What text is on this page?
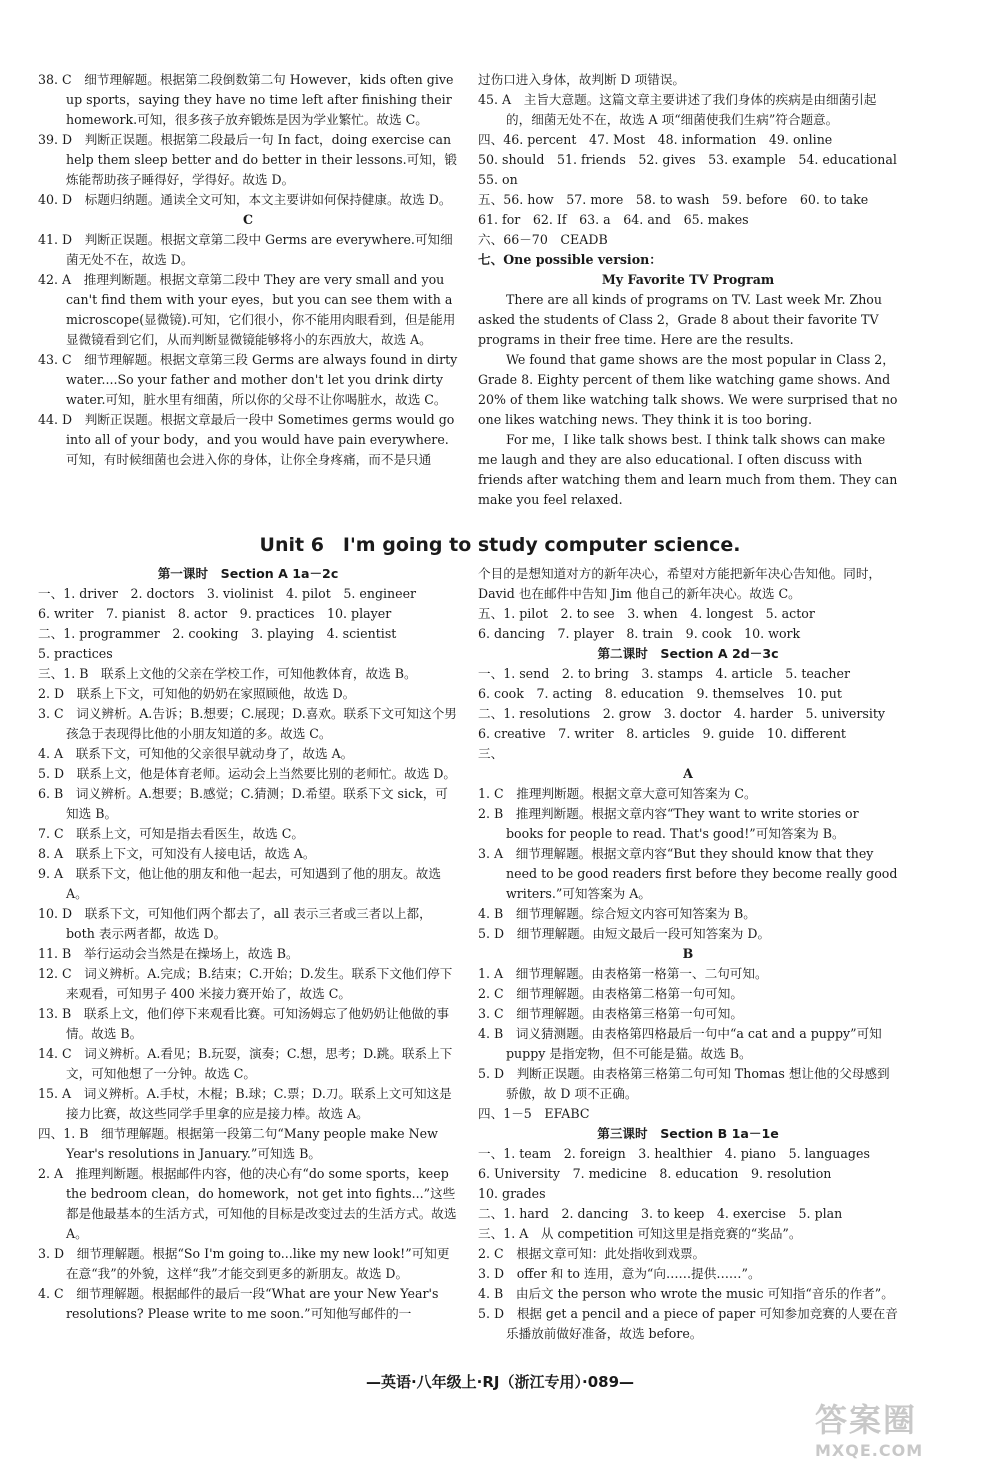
38. C　细节理解题。根据第二段倒数第二句 However，kids often give up sports，saying they have no time left after finishing their homework.可知，很多孩子放弃锻炼是因为学业繁忙。故选 C。

39. D　判断正误题。根据第二段最后一句 In fact，doing exercise can help them sleep better and do better in their lessons.可知，锻炼能帮助孩子睡得好，学得好。故选 D。

40. D　标题归纳题。通读全文可知，本文主要讲如何保持健康。故选 D。

C

41. D　判断正误题。根据文章第二段中 Germs are everywhere.可知细菌无处不在，故选 D。

42. A　推理判断题。根据文章第二段中 They are very small and you can't find them with your eyes，but you can see them with a microscope(显微镜).可知，它们很小，你不能用肉眼看到，但是能用显微镜看到它们，从而判断显微镜能够将小的东西放大，故选 A。

43. C　细节理解题。根据文章第三段 Germs are always found in dirty water....So your father and mother don't let you drink dirty water.可知，脏水里有细菌，所以你的父母不让你喝脏水，故选 C。

44. D　判断正误题。根据文章最后一段中 Sometimes germs would go into all of your body，and you would have pain everywhere.可知，有时候细菌也会进入你的身体，让你全身疼痛，而不是只通

过伤口进入身体，故判断 D 项错误。

45. A　主旨大意题。这篇文章主要讲述了我们身体的疾病是由细菌引起的，细菌无处不在，故选 A 项“细菌使我们生病”符合题意。

四、46. percent　47. Most　48. information　49. online

50. should　51. friends　52. gives　53. example　54. educational

55. on

五、56. how　57. more　58. to wash　59. before　60. to take

61. for　62. If　63. a　64. and　65. makes

六、66－70　CEADB

七、One possible version：

My Favorite TV Program

There are all kinds of programs on TV. Last week Mr. Zhou asked the students of Class 2，Grade 8 about their favorite TV programs in their free time. Here are the results.

We found that game shows are the most popular in Class 2，Grade 8. Eighty percent of them like watching game shows. And 20% of them like watching talk shows. We were surprised that no one likes watching news. They think it is too boring.

For me，I like talk shows best. I think talk shows can make me laugh and they are also educational. I often discuss with friends after watching them and learn much from them. They can make you feel relaxed.

Unit 6　I'm going to study computer science.

第一课时　Section A 1a－2c

一、1. driver　2. doctors　3. violinist　4. pilot　5. engineer

6. writer　7. pianist　8. actor　9. practices　10. player

二、1. programmer　2. cooking　3. playing　4. scientist

5. practices

三、1. B　联系上文他的父亲在学校工作，可知他教体育，故选 B。

2. D　联系上下文，可知他的奶奶在家照顾他，故选 D。

3. C　词义辨析。A.告诉；B.想要；C.展现；D.喜欢。联系下文可知这个男孩急于表现得比他的小朋友知道的多。故选 C。

4. A　联系下文，可知他的父亲很早就动身了，故选 A。

5. D　联系上文，他是体育老师。运动会上当然要比别的老师忙。故选 D。

6. B　词义辨析。A.想要；B.感觉；C.猜测；D.希望。联系下文 sick，可知选 B。

7. C　联系上文，可知是指去看医生，故选 C。

8. A　联系上下文，可知没有人接电话，故选 A。

9. A　联系下文，他让他的朋友和他一起去，可知遇到了他的朋友。故选 A。

10. D　联系下文，可知他们两个都去了，all 表示三者或三者以上都，both 表示两者都，故选 D。

11. B　举行运动会当然是在操场上，故选 B。

12. C　词义辨析。A.完成；B.结束；C.开始；D.发生。联系下文他们停下来观看，可知男子 400 米接力赛开始了，故选 C。

13. B　联系上文，他们停下来观看比赛。可知汤姆忘了他奶奶让他做的事情。故选 B。

14. C　词义辨析。A.看见；B.玩耍，演奏；C.想，思考；D.跳。联系上下文，可知他想了一分钟。故选 C。

15. A　词义辨析。A.手杖，木棍；B.球；C.票；D.刀。联系上文可知这是接力比赛，故这些同学手里拿的应是接力棒。故选 A。

四、1. B　细节理解题。根据第一段第二句“Many people make New Year's resolutions in January.”可知选 B。

2. A　推理判断题。根据邮件内容，他的决心有“do some sports，keep the bedroom clean，do homework，not get into fights...”这些都是他最基本的生活方式，可知他的目标是改变过去的生活方式。故选 A。

3. D　细节理解题。根据“So I'm going to...like my new look!”可知更在意“我”的外貌，这样“我”才能交到更多的新朋友。故选 D。

4. C　细节理解题。根据邮件的最后一段“What are your New Year's resolutions? Please write to me soon.”可知他写邮件的一

个目的是想知道对方的新年决心，希望对方能把新年决心告知他。同时，David 也在邮件中告知 Jim 他自己的新年决心。故选 C。

五、1. pilot　2. to see　3. when　4. longest　5. actor

6. dancing　7. player　8. train　9. cook　10. work

第二课时　Section A 2d－3c

一、1. send　2. to bring　3. stamps　4. article　5. teacher

6. cook　7. acting　8. education　9. themselves　10. put

二、1. resolutions　2. grow　3. doctor　4. harder　5. university

6. creative　7. writer　8. articles　9. guide　10. different

三、

A

1. C　推理判断题。根据文章大意可知答案为 C。

2. B　推理判断题。根据文章内容“They want to write stories or books for people to read. That's good!”可知答案为 B。

3. A　细节理解题。根据文章内容“But they should know that they need to be good readers first before they become really good writers.”可知答案为 A。

4. B　细节理解题。综合短文内容可知答案为 B。

5. D　细节理解题。由短文最后一段可知答案为 D。

B

1. A　细节理解题。由表格第一格第一、二句可知。

2. C　细节理解题。由表格第二格第一句可知。

3. C　细节理解题。由表格第三格第一句可知。

4. B　词义猜测题。由表格第四格最后一句中“a cat and a puppy”可知 puppy 是指宠物，但不可能是猫。故选 B。

5. D　判断正误题。由表格第三格第二句可知 Thomas 想让他的父母感到骄傲，故 D 项不正确。

四、1－5　EFABC

第三课时　Section B 1a－1e

一、1. team　2. foreign　3. healthier　4. piano　5. languages

6. University　7. medicine　8. education　9. resolution

10. grades

二、1. hard　2. dancing　3. to keep　4. exercise　5. plan

三、1. A　从 competition 可知这里是指竞赛的“奖品”。

2. C　根据文章可知：此处指收到戏票。

3. D　offer 和 to 连用，意为“向……提供……”。

4. B　由后文 the person who wrote the music 可知指“音乐的作者”。

5. D　根据 get a pencil and a piece of paper 可知参加竞赛的人要在音乐播放前做好准备，故选 before。

—英语·八年级上·RJ（浙江专用）·089—
答案圈
MXQE.COM
